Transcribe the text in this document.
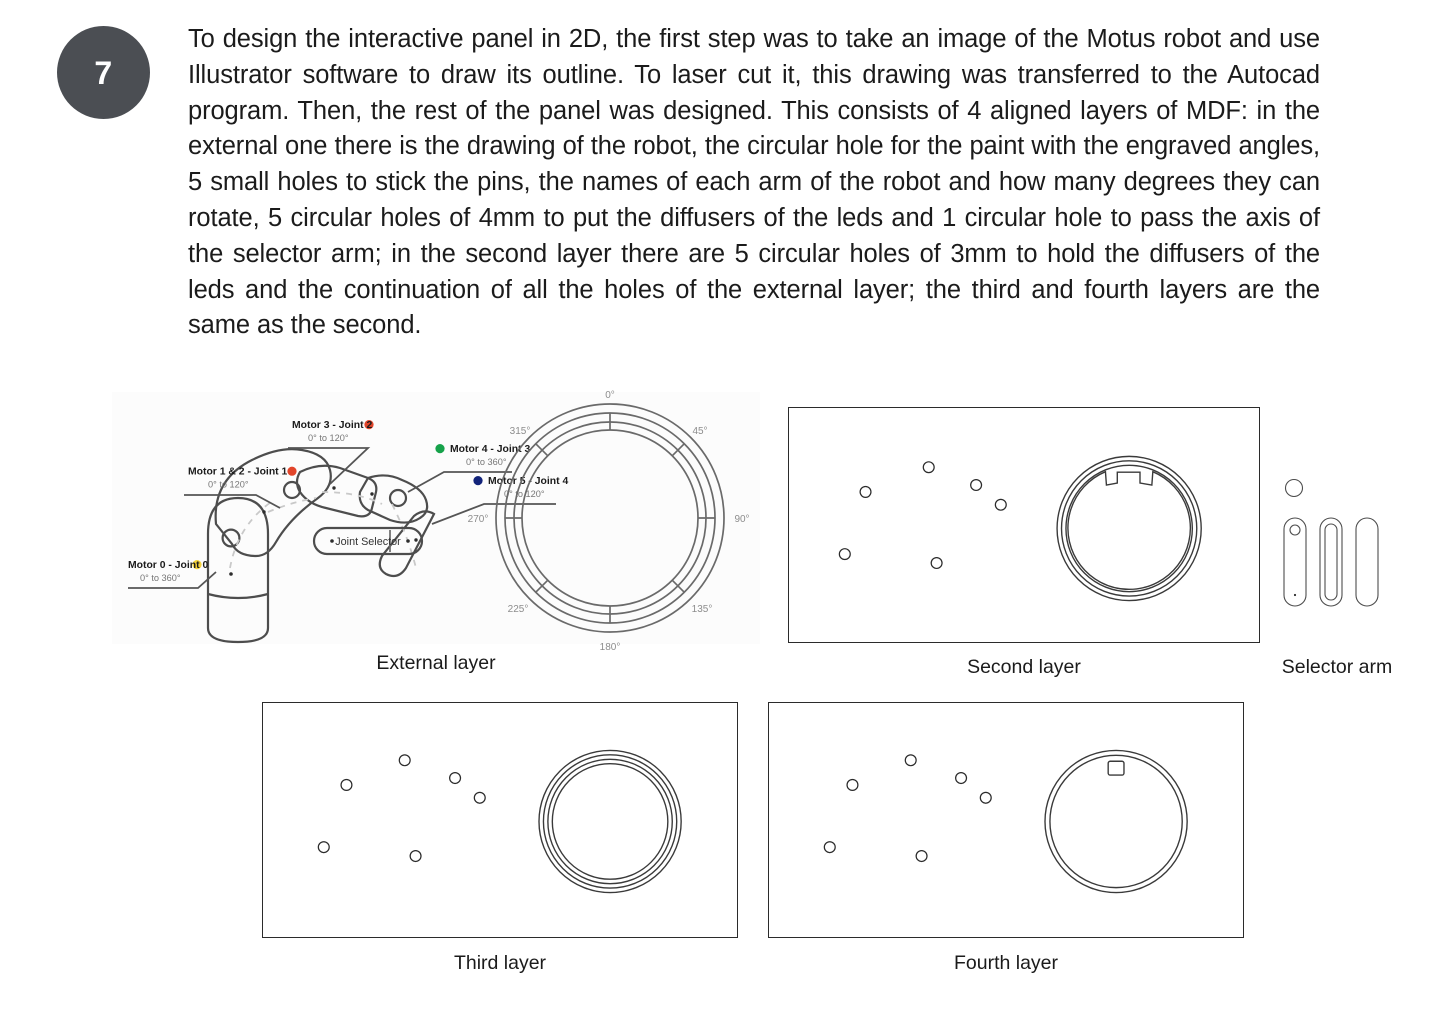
7
To design the interactive panel in 2D, the first step was to take an image of the Motus robot and use Illustrator software to draw its outline. To laser cut it, this drawing was transferred to the Autocad program. Then, the rest of the panel was designed. This consists of 4 aligned layers of MDF: in the external one there is the drawing of the robot, the circular hole for the paint with the engraved angles, 5 small holes to stick the pins, the names of each arm of the robot and how many degrees they can rotate, 5 circular holes of 4mm to put the diffusers of the leds and 1 circular hole to pass the axis of the selector arm; in the second layer there are 5 circular holes of 3mm to hold the diffusers of the leds and the continuation of all the holes of the external layer; the third and fourth layers are the same as the second.
Joint Selector
Motor 0 - Joint 0
0° to 360°
Motor 1 & 2 - Joint 1
0° to 120°
Motor 3 - Joint 2
0° to 120°
Motor 4 - Joint 3
0° to 360°
Motor 5 - Joint 4
0° to 120°
0°
45°
90°
135°
180°
225°
270°
315°
External layer	Second layer	Selector arm
Third layer	Fourth layer
